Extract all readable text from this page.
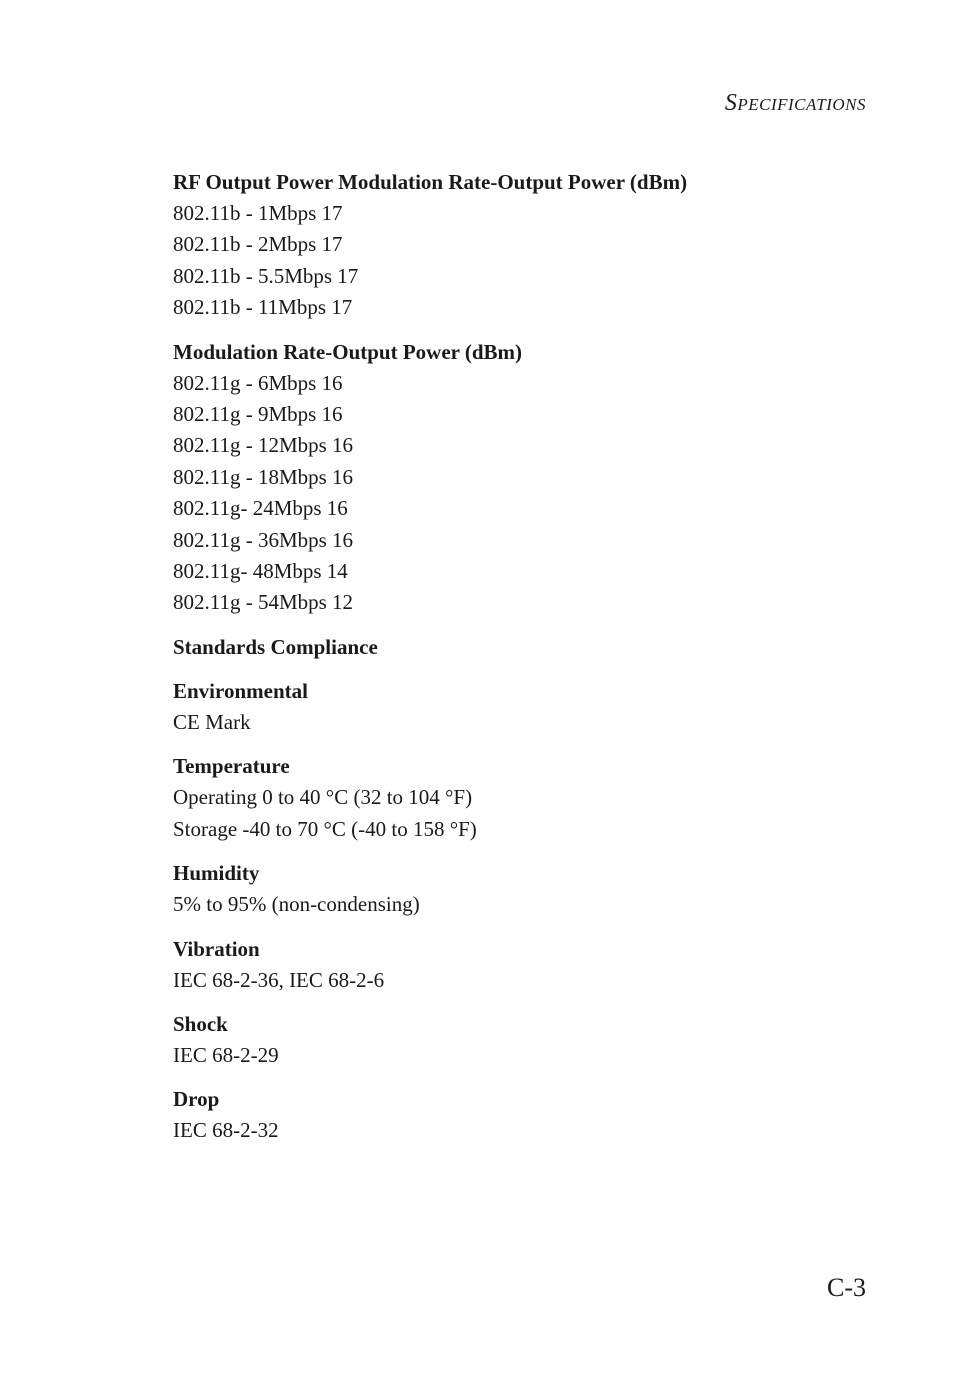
SPECIFICATIONS

RF Output Power Modulation Rate-Output Power (dBm)

802.11b - 1Mbps 17

802.11b - 2Mbps 17

802.11b - 5.5Mbps 17

802.11b - 11Mbps 17

Modulation Rate-Output Power (dBm)

802.11g - 6Mbps 16

802.11g - 9Mbps 16

802.11g - 12Mbps 16

802.11g - 18Mbps 16

802.11g- 24Mbps 16

802.11g - 36Mbps 16

802.11g- 48Mbps 14

802.11g - 54Mbps 12

Standards Compliance

Environmental

CE Mark

Temperature

Operating 0 to 40 °C (32 to 104 °F)

Storage -40 to 70 °C (-40 to 158 °F)

Humidity

5% to 95% (non-condensing)

Vibration

IEC 68-2-36, IEC 68-2-6

Shock

IEC 68-2-29

Drop

IEC 68-2-32

C-3
